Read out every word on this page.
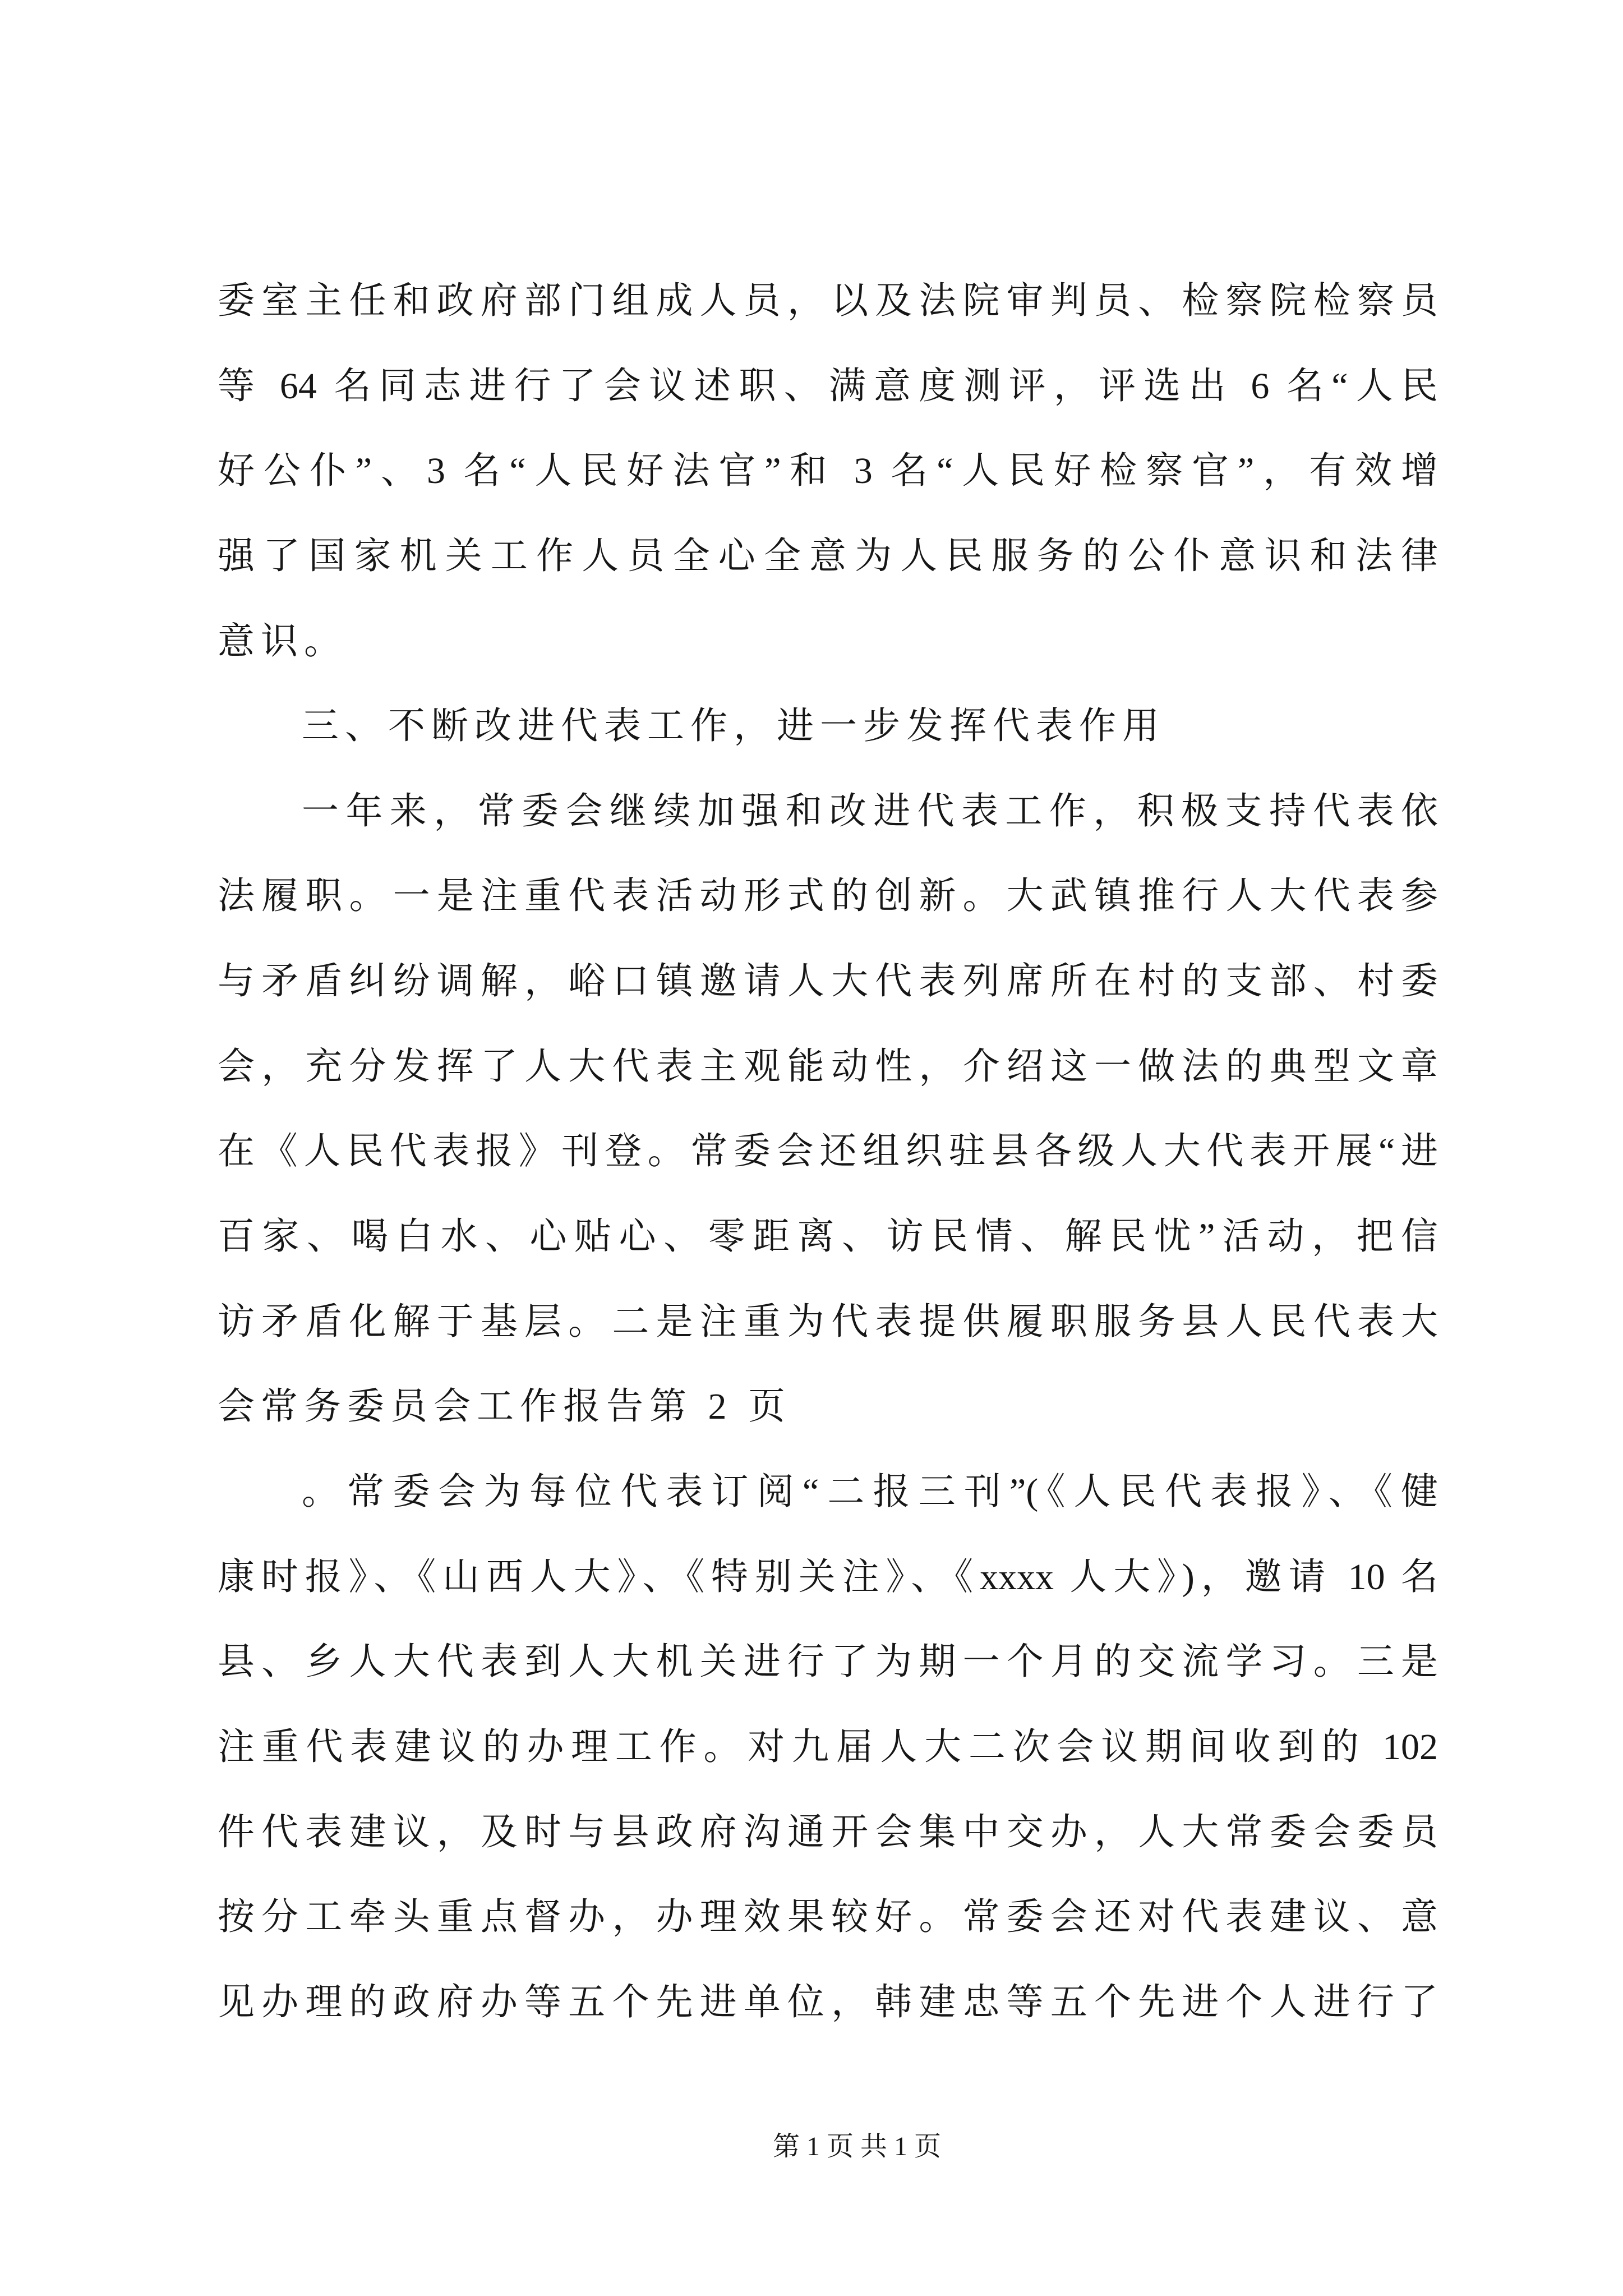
委室主任和政府部门组成人员，以及法院审判员、检察院检察员
等 64 名同志进行了会议述职、满意度测评，评选出 6 名“人民
好公仆”、3 名“人民好法官”和 3 名“人民好检察官”，有效增
强了国家机关工作人员全心全意为人民服务的公仆意识和法律
意识。
三、不断改进代表工作，进一步发挥代表作用
一年来，常委会继续加强和改进代表工作，积极支持代表依
法履职。一是注重代表活动形式的创新。大武镇推行人大代表参
与矛盾纠纷调解，峪口镇邀请人大代表列席所在村的支部、村委
会，充分发挥了人大代表主观能动性，介绍这一做法的典型文章
在《人民代表报》刊登。常委会还组织驻县各级人大代表开展“进
百家、喝白水、心贴心、零距离、访民情、解民忧”活动，把信
访矛盾化解于基层。二是注重为代表提供履职服务县人民代表大
会常务委员会工作报告第 2 页
。常委会为每位代表订阅“二报三刊”(《人民代表报》、《健
康时报》、《山西人大》、《特别关注》、《xxxx 人大》)，邀请 10 名
县、乡人大代表到人大机关进行了为期一个月的交流学习。三是
注重代表建议的办理工作。对九届人大二次会议期间收到的 102
件代表建议，及时与县政府沟通开会集中交办，人大常委会委员
按分工牵头重点督办，办理效果较好。常委会还对代表建议、意
见办理的政府办等五个先进单位，韩建忠等五个先进个人进行了
第 1 页 共 1 页
